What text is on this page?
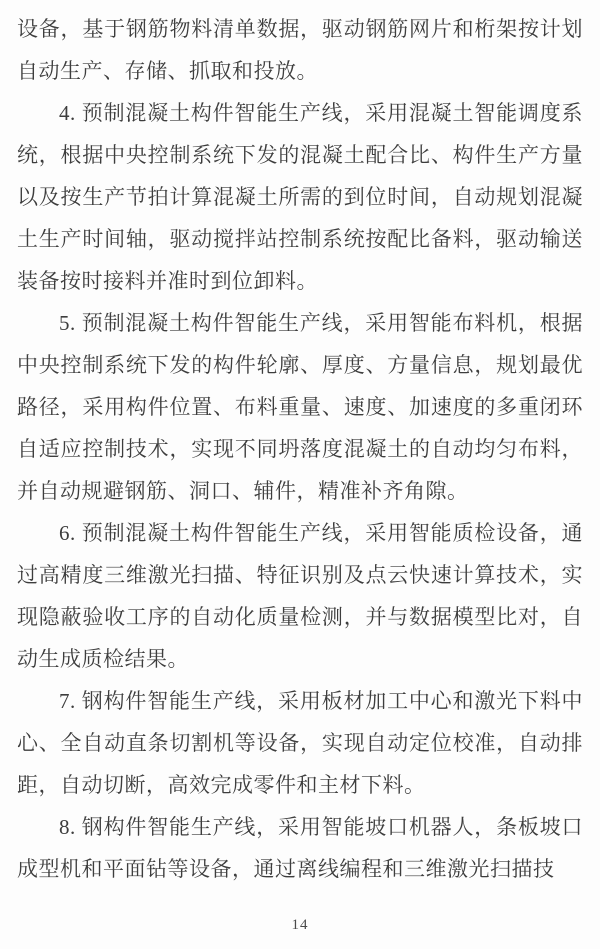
设备，基于钢筋物料清单数据，驱动钢筋网片和桁架按计划自动生产、存储、抓取和投放。

4. 预制混凝土构件智能生产线，采用混凝土智能调度系统，根据中央控制系统下发的混凝土配合比、构件生产方量以及按生产节拍计算混凝土所需的到位时间，自动规划混凝土生产时间轴，驱动搅拌站控制系统按配比备料，驱动输送装备按时接料并准时到位卸料。

5. 预制混凝土构件智能生产线，采用智能布料机，根据中央控制系统下发的构件轮廓、厚度、方量信息，规划最优路径，采用构件位置、布料重量、速度、加速度的多重闭环自适应控制技术，实现不同坍落度混凝土的自动均匀布料，并自动规避钢筋、洞口、辅件，精准补齐角隙。

6. 预制混凝土构件智能生产线，采用智能质检设备，通过高精度三维激光扫描、特征识别及点云快速计算技术，实现隐蔽验收工序的自动化质量检测，并与数据模型比对，自动生成质检结果。

7. 钢构件智能生产线，采用板材加工中心和激光下料中心、全自动直条切割机等设备，实现自动定位校准，自动排距，自动切断，高效完成零件和主材下料。

8. 钢构件智能生产线，采用智能坡口机器人，条板坡口成型机和平面钻等设备，通过离线编程和三维激光扫描技

14
